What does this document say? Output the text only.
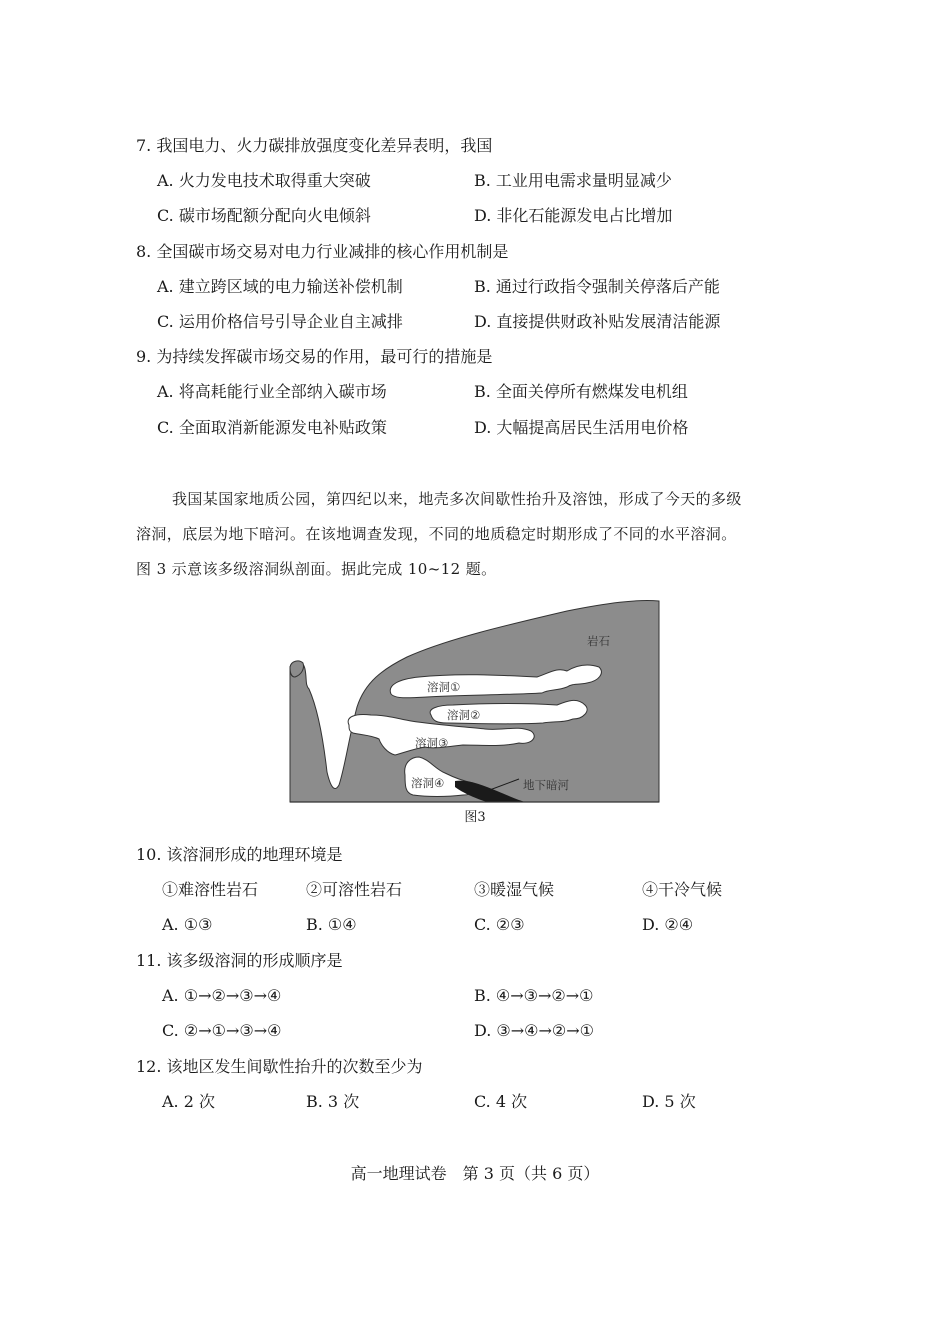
7. 我国电力、火力碳排放强度变化差异表明，我国
A. 火力发电技术取得重大突破	B. 工业用电需求量明显减少
C. 碳市场配额分配向火电倾斜	D. 非化石能源发电占比增加
8. 全国碳市场交易对电力行业减排的核心作用机制是
A. 建立跨区域的电力输送补偿机制	B. 通过行政指令强制关停落后产能
C. 运用价格信号引导企业自主减排	D. 直接提供财政补贴发展清洁能源
9. 为持续发挥碳市场交易的作用，最可行的措施是
A. 将高耗能行业全部纳入碳市场	B. 全面关停所有燃煤发电机组
C. 全面取消新能源发电补贴政策	D. 大幅提高居民生活用电价格
我国某国家地质公园，第四纪以来，地壳多次间歇性抬升及溶蚀，形成了今天的多级
溶洞，底层为地下暗河。在该地调查发现，不同的地质稳定时期形成了不同的水平溶洞。
图 3 示意该多级溶洞纵剖面。据此完成 10~12 题。
岩石
溶洞①
溶洞②
溶洞③
溶洞④	地下暗河
图3
10. 该溶洞形成的地理环境是
①难溶性岩石	②可溶性岩石	③暖湿气候	④干冷气候
A. ①③	B. ①④	C. ②③	D. ②④
11. 该多级溶洞的形成顺序是
A. ①→②→③→④	B. ④→③→②→①
C. ②→①→③→④	D. ③→④→②→①
12. 该地区发生间歇性抬升的次数至少为
A. 2 次	B. 3 次	C. 4 次	D. 5 次
高一地理试卷　第 3 页（共 6 页）
